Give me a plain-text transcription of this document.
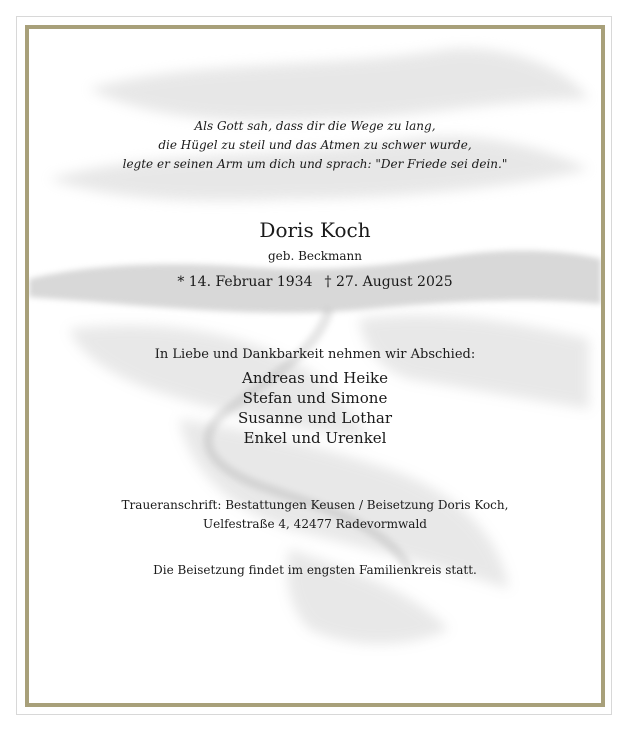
Als Gott sah, dass dir die Wege zu lang,
die Hügel zu steil und das Atmen zu schwer wurde,
legte er seinen Arm um dich und sprach: "Der Friede sei dein."
Doris Koch
geb. Beckmann
* 14. Februar 1934 † 27. August 2025
In Liebe und Dankbarkeit nehmen wir Abschied:
Andreas und Heike
Stefan und Simone
Susanne und Lothar
Enkel und Urenkel
Traueranschrift: Bestattungen Keusen / Beisetzung Doris Koch,
Uelfestraße 4, 42477 Radevormwald
Die Beisetzung findet im engsten Familienkreis statt.
